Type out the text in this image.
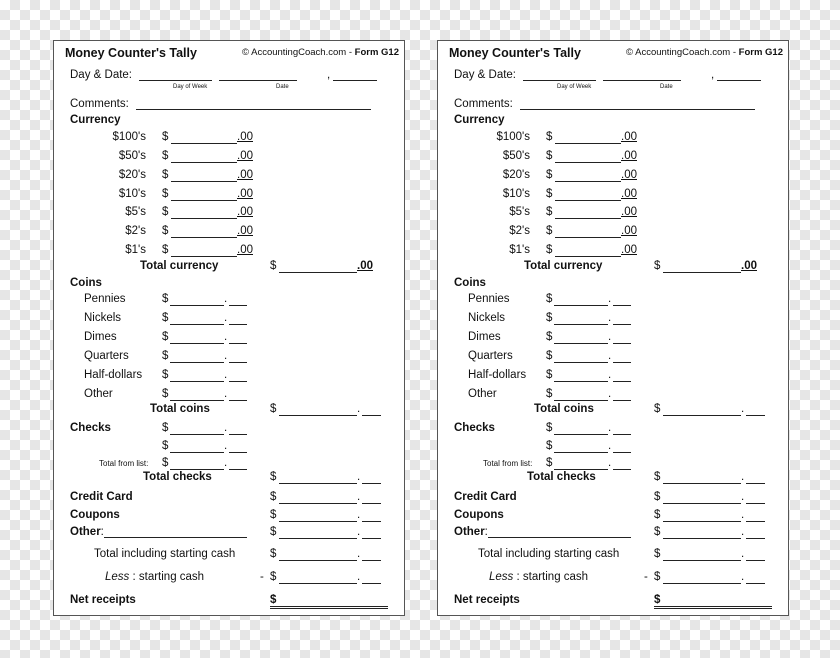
Money Counter's Tally	© AccountingCoach.com - Form G12
Day & Date:	,
Day of Week	Date
Comments:
Currency
$100's $	.00
$50's $	.00
$20's $	.00
$10's $	.00
$5's $	.00
$2's $	.00
$1's $	.00
Total currency	$	.00
Coins
Pennies	$	.
Nickels	$	.
Dimes	$	.
Quarters	$	.
Half-dollars $	.
Other	$	.
Total coins	$	.
Checks	$	.
$	.
Total from list: $	.
Total checks	$	.
Credit Card	$	.
Coupons	$	.
Other:	$	.
Total including starting cash	$	.
Less : starting cash	- $	.
Net receipts	$
Money Counter's Tally	© AccountingCoach.com - Form G12
Day & Date:	,
Day of Week	Date
Comments:
Currency
$100's $	.00
$50's $	.00
$20's $	.00
$10's $	.00
$5's $	.00
$2's $	.00
$1's $	.00
Total currency	$	.00
Coins
Pennies	$	.
Nickels	$	.
Dimes	$	.
Quarters	$	.
Half-dollars $	.
Other	$	.
Total coins	$	.
Checks	$	.
$	.
Total from list: $	.
Total checks	$	.
Credit Card	$	.
Coupons	$	.
Other:	$	.
Total including starting cash	$	.
Less : starting cash	- $	.
Net receipts	$
